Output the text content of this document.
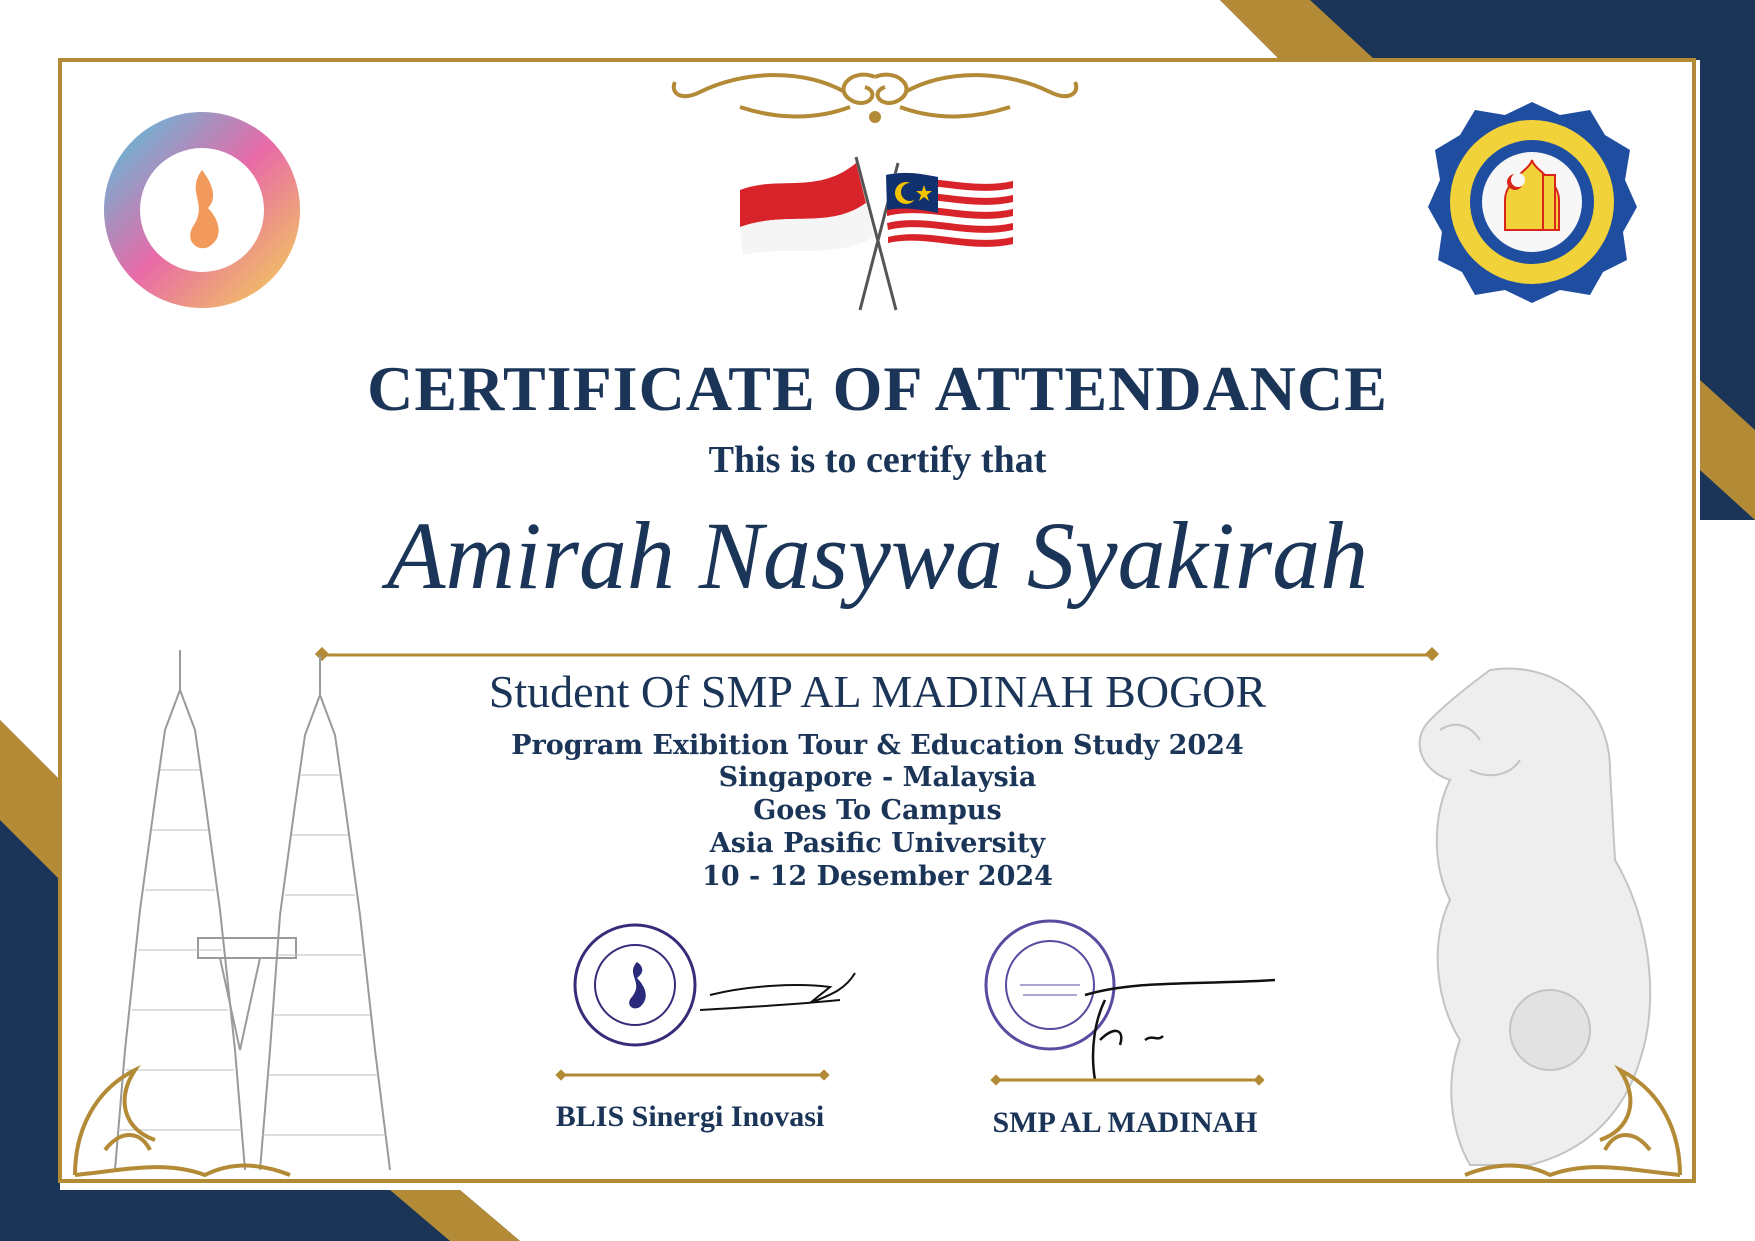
CERTIFICATE OF ATTENDANCE
This is to certify that
Amirah Nasywa Syakirah
Student Of SMP AL MADINAH BOGOR
Program Exibition Tour & Education Study 2024
Singapore - Malaysia
Goes To Campus
Asia Pasific University
10 - 12 Desember 2024
BLIS Sinergi Inovasi	SMP AL MADINAH
